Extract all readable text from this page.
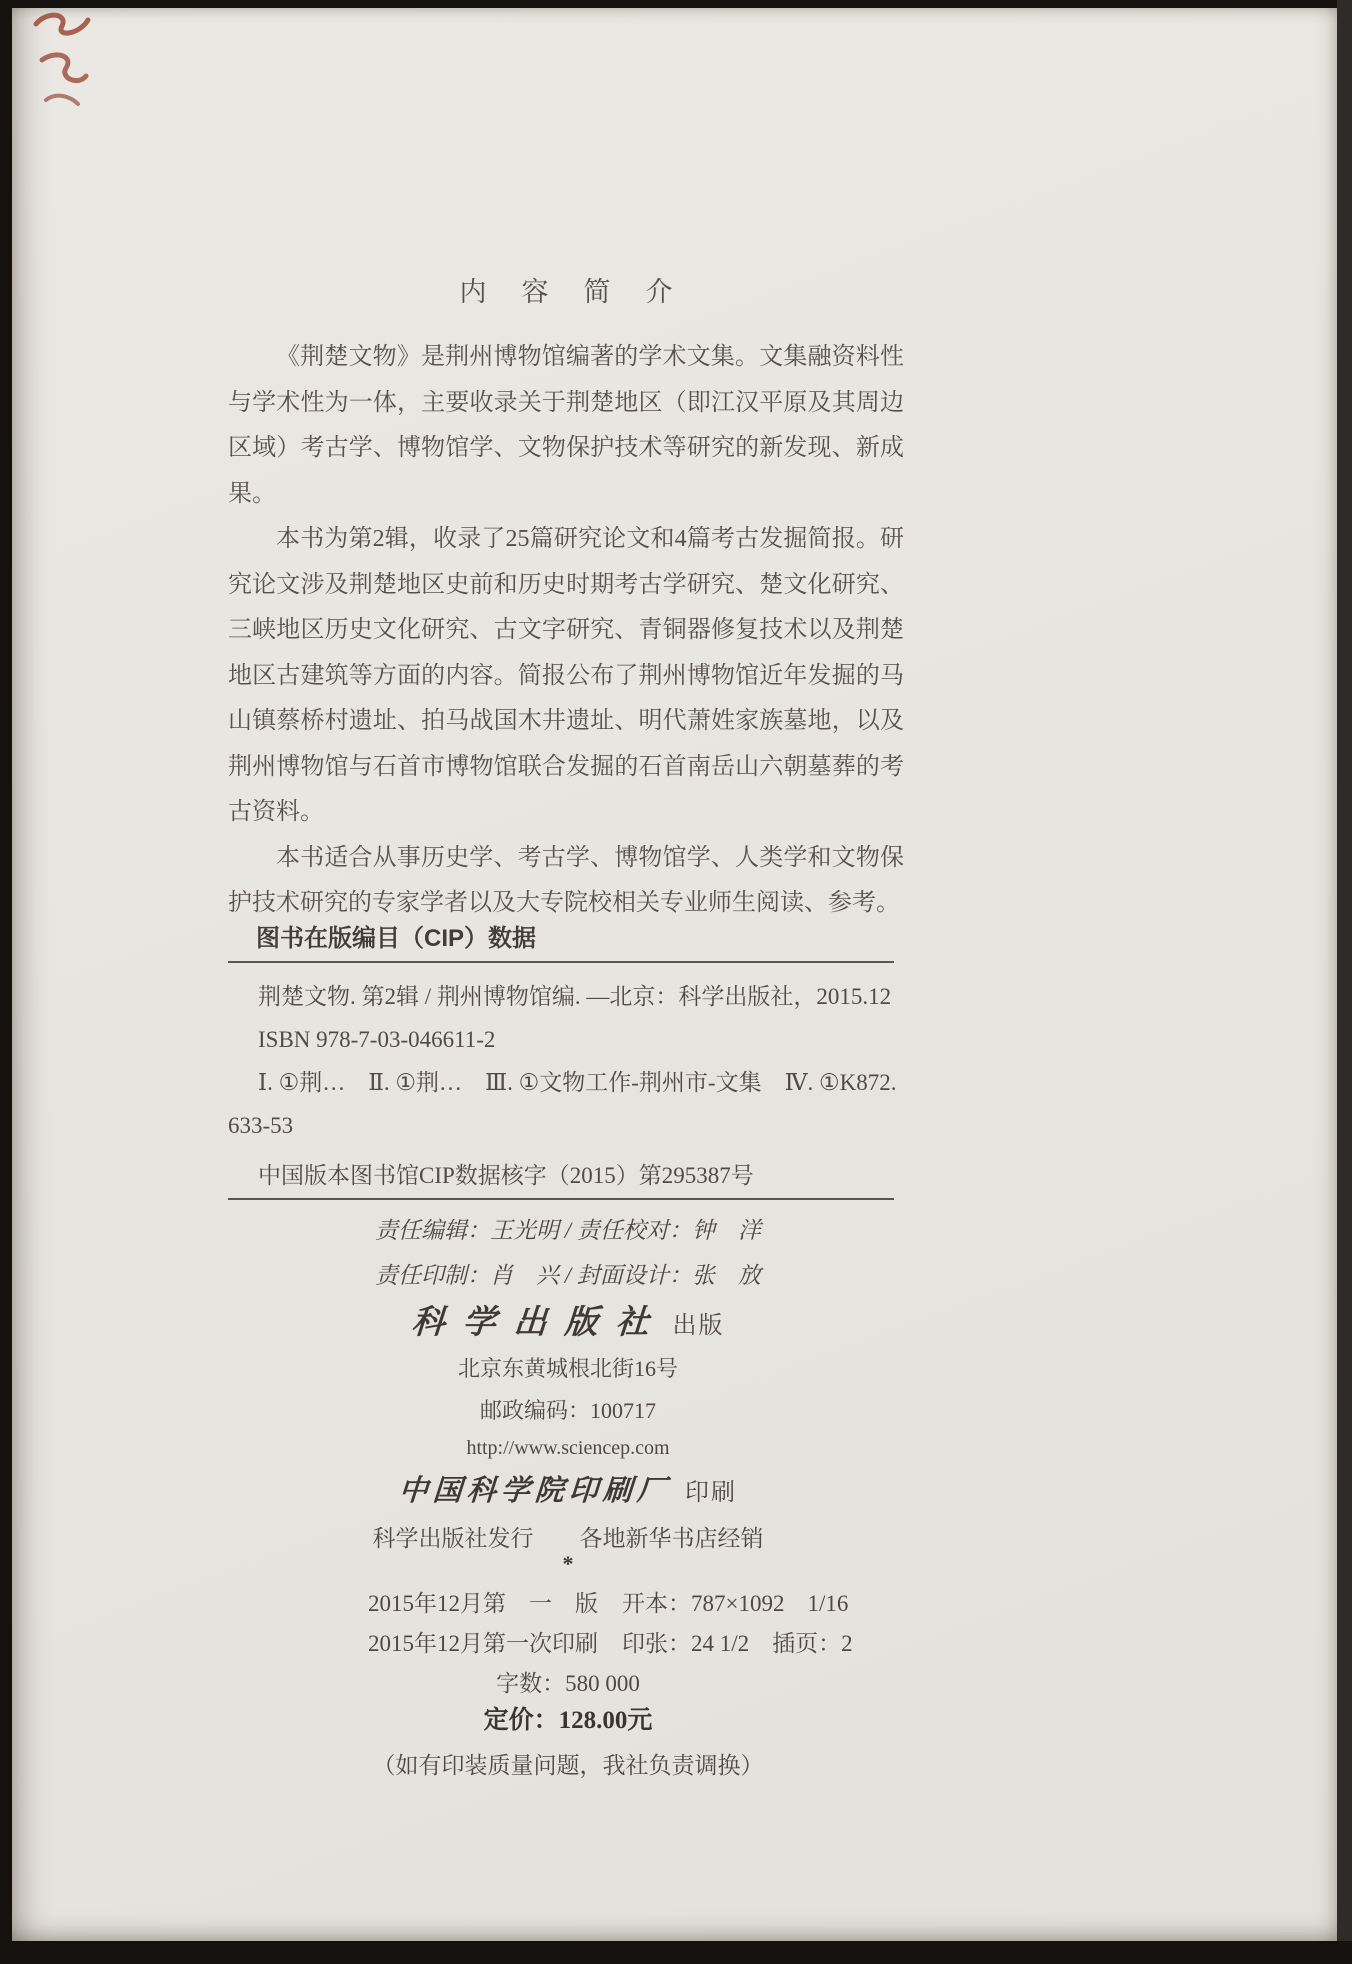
内　容　简　介

《荆楚文物》是荆州博物馆编著的学术文集。文集融资料性与学术性为一体，主要收录关于荆楚地区（即江汉平原及其周边区域）考古学、博物馆学、文物保护技术等研究的新发现、新成果。

本书为第2辑，收录了25篇研究论文和4篇考古发掘简报。研究论文涉及荆楚地区史前和历史时期考古学研究、楚文化研究、三峡地区历史文化研究、古文字研究、青铜器修复技术以及荆楚地区古建筑等方面的内容。简报公布了荆州博物馆近年发掘的马山镇蔡桥村遗址、拍马战国木井遗址、明代萧姓家族墓地，以及荆州博物馆与石首市博物馆联合发掘的石首南岳山六朝墓葬的考古资料。

本书适合从事历史学、考古学、博物馆学、人类学和文物保护技术研究的专家学者以及大专院校相关专业师生阅读、参考。

图书在版编目（CIP）数据
荆楚文物. 第2辑 / 荆州博物馆编. —北京：科学出版社，2015.12
ISBN 978-7-03-046611-2
Ⅰ. ①荆…　Ⅱ. ①荆…　Ⅲ. ①文物工作-荆州市-文集　Ⅳ. ①K872.
633-53
中国版本图书馆CIP数据核字（2015）第295387号
责任编辑：王光明 / 责任校对：钟　洋
责任印制：肖　兴 / 封面设计：张　放
科学出版社 出版
北京东黄城根北街16号
邮政编码：100717
http://www.sciencep.com
中国科学院印刷厂 印刷
科学出版社发行　　各地新华书店经销
*
2015年12月第　一　版 开本：787×1092　1/16
2015年12月第一次印刷 印张：24 1/2　插页：2
字数：580 000
定价：128.00元
（如有印装质量问题，我社负责调换）
